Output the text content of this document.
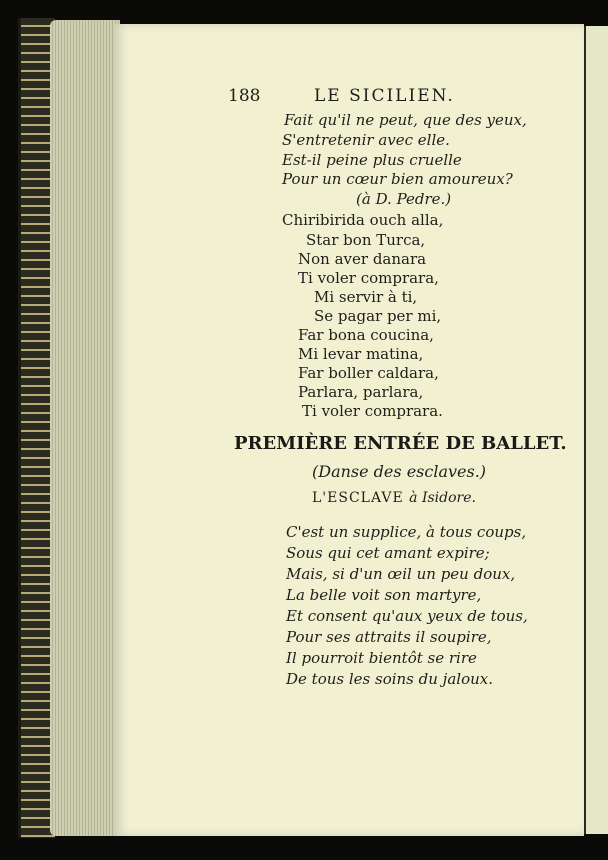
188	LE SICILIEN.
Fait qu'il ne peut, que des yeux,
S'entretenir avec elle.
Est-il peine plus cruelle
Pour un cœur bien amoureux?
(à D. Pedre.)
Chiribirida ouch alla,
Star bon Turca,
Non aver danara
Ti voler comprara,
Mi servir à ti,
Se pagar per mi,
Far bona coucina,
Mi levar matina,
Far boller caldara,
Parlara, parlara,
Ti voler comprara.
PREMIÈRE ENTRÉE DE BALLET.
(Danse des esclaves.)
L'ESCLAVE à Isidore.
C'est un supplice, à tous coups,
Sous qui cet amant expire;
Mais, si d'un œil un peu doux,
La belle voit son martyre,
Et consent qu'aux yeux de tous,
Pour ses attraits il soupire,
Il pourroit bientôt se rire
De tous les soins du jaloux.
